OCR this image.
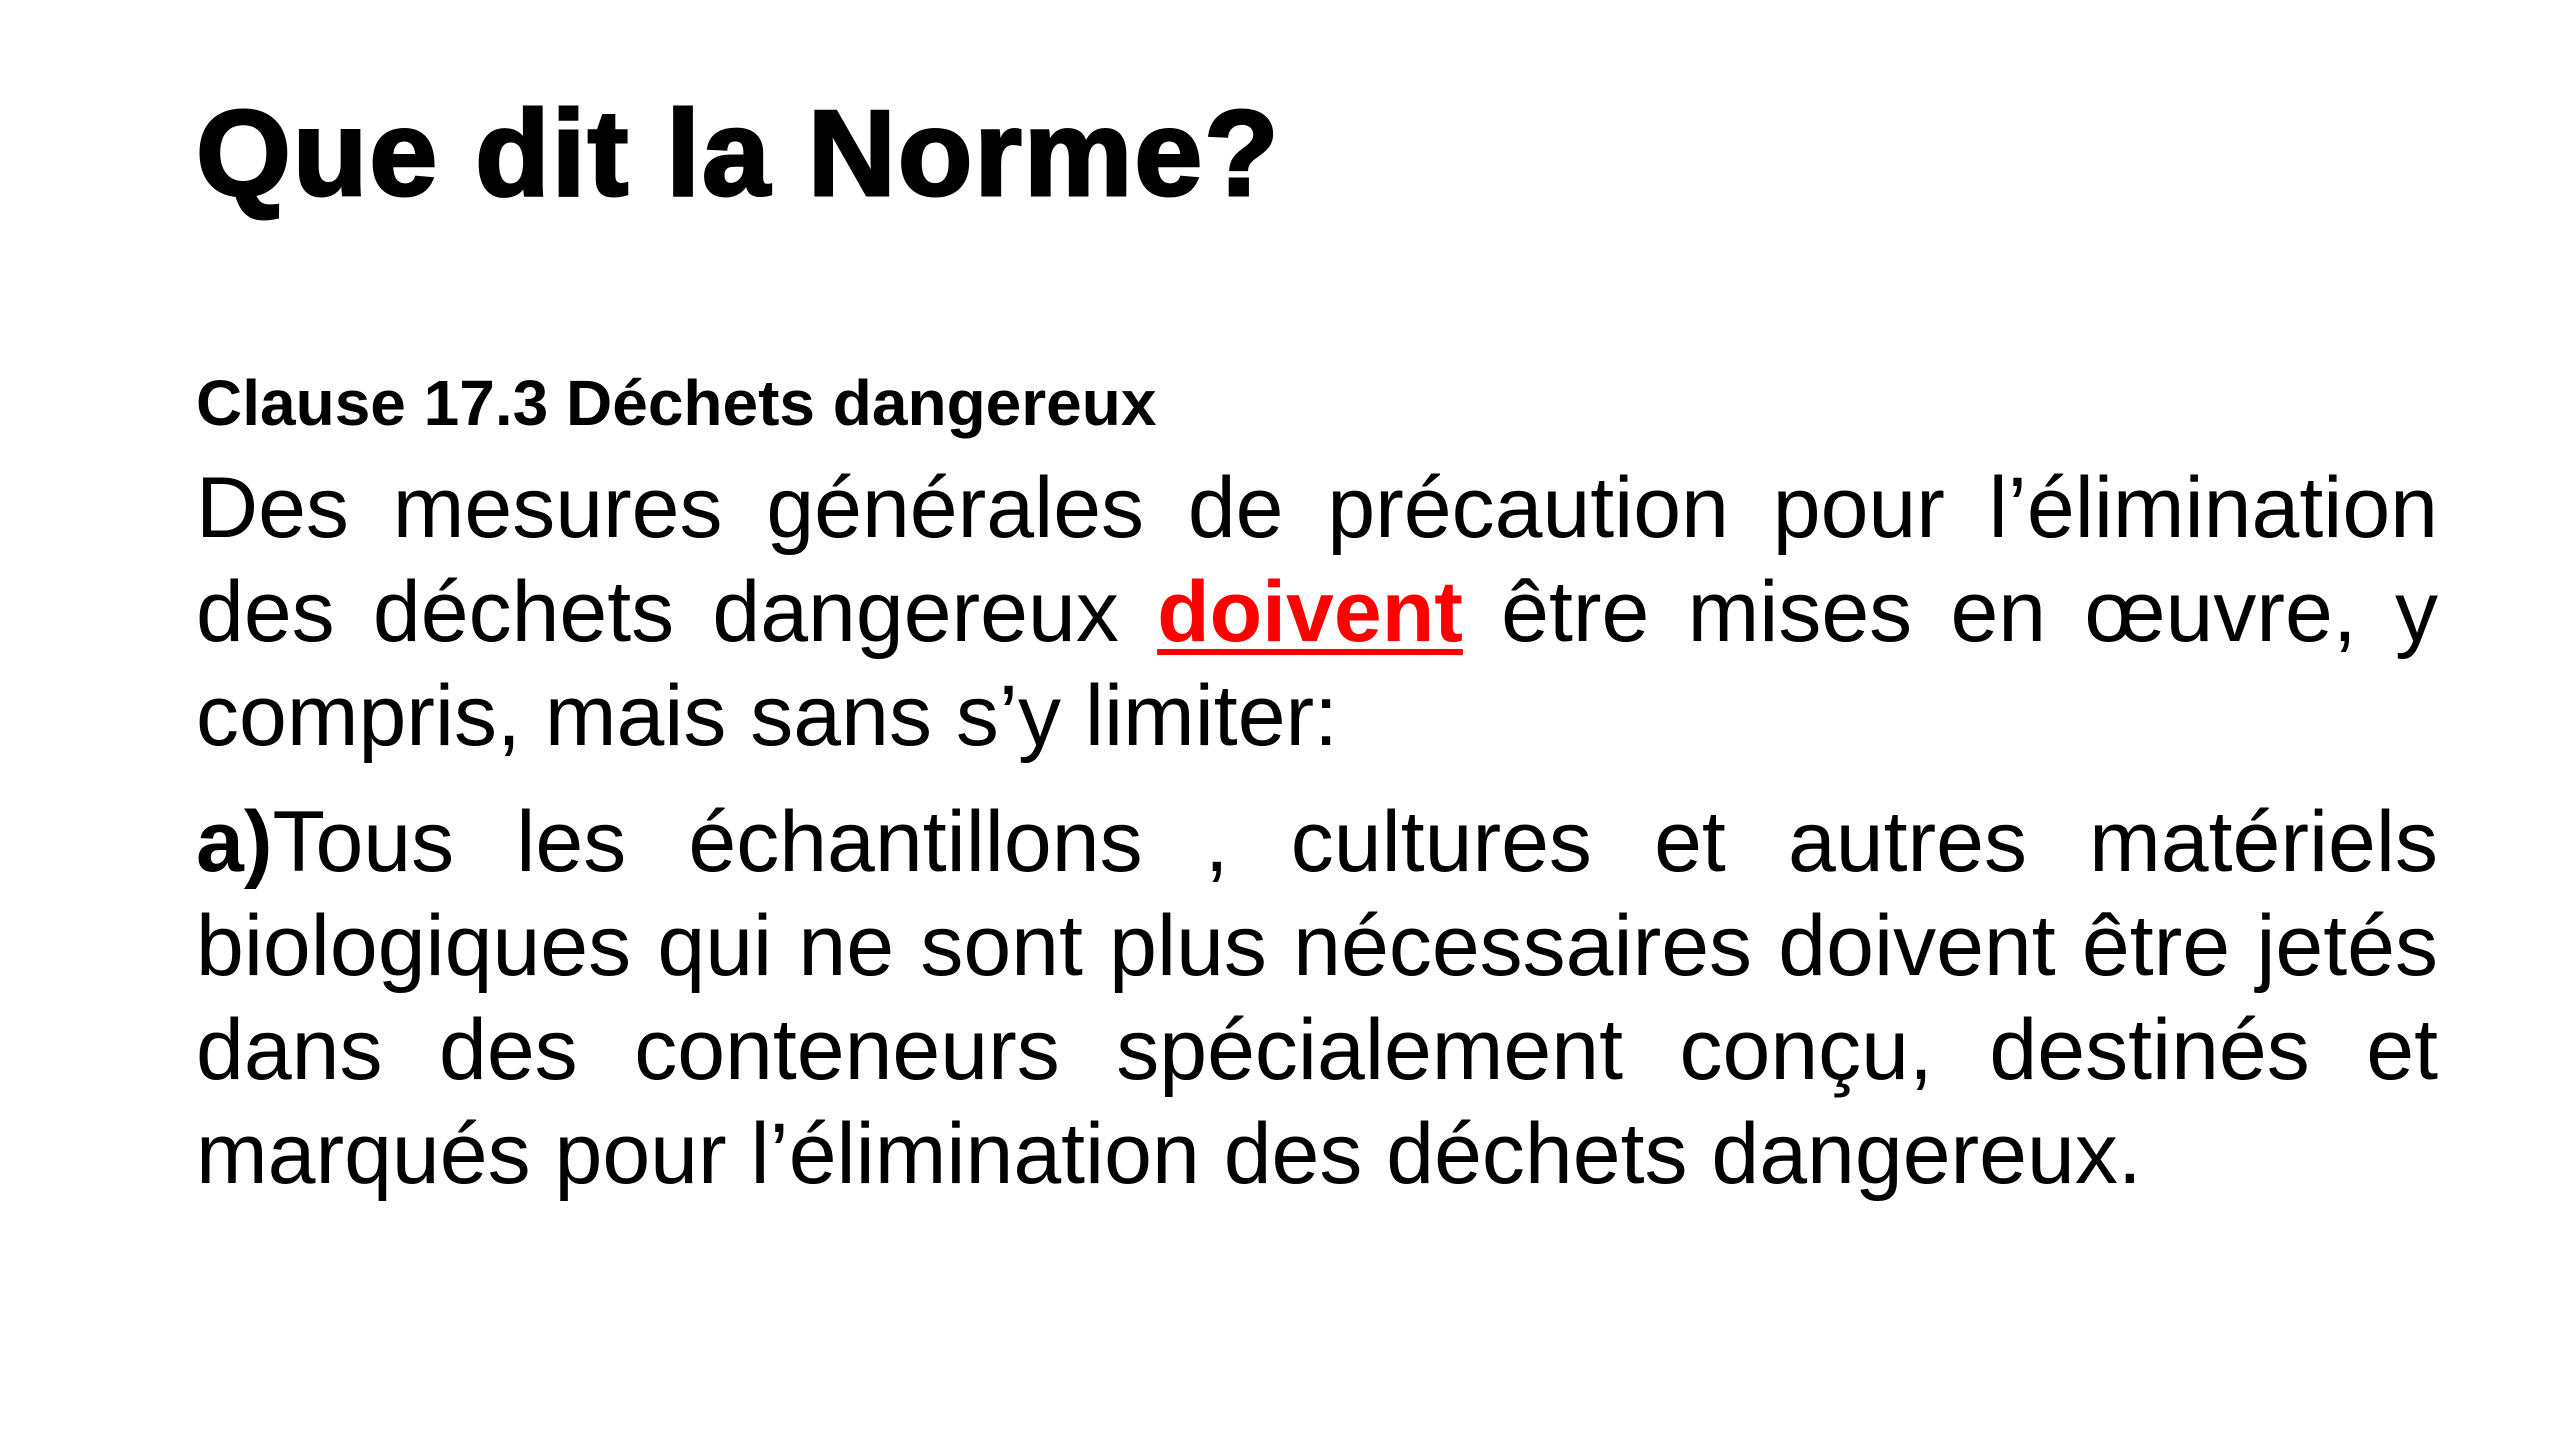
Que dit la Norme?
Clause 17.3 Déchets dangereux

Des mesures générales de précaution pour l’élimination des déchets dangereux doivent être mises en œuvre, y compris, mais sans s’y limiter:

a)Tous les échantillons , cultures et autres matériels biologiques qui ne sont plus nécessaires doivent être jetés dans des conteneurs spécialement conçu, destinés et marqués pour l’élimination des déchets dangereux.
